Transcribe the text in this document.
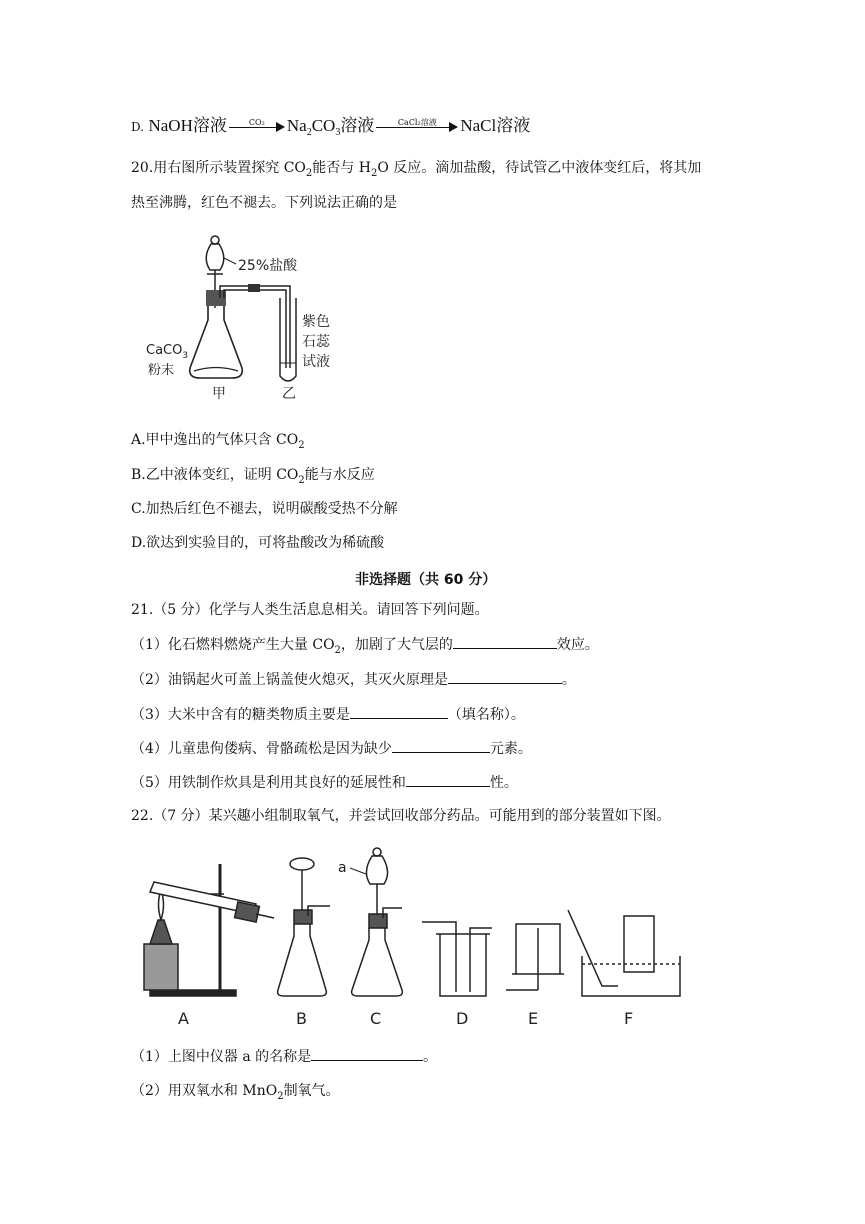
D. NaOH溶液	CO₂	$Na_2CO_3$溶液	CaCl₂溶液	NaCl溶液
20.用右图所示装置探究 $CO_2$能否与 $H_2O$ 反应。滴加盐酸，待试管乙中液体变红后，将其加
热至沸腾，红色不褪去。下列说法正确的是
25%盐酸
CaCO$_3$
粉末
紫色
石蕊
试液
甲	乙
A.甲中逸出的气体只含 $CO_2$
B.乙中液体变红，证明 $CO_2$能与水反应
C.加热后红色不褪去，说明碳酸受热不分解
D.欲达到实验目的，可将盐酸改为稀硫酸
非选择题（共 60 分）
21.（5 分）化学与人类生活息息相关。请回答下列问题。
（1）化石燃料燃烧产生大量 $CO_2$，加剧了大气层的	效应。
（2）油锅起火可盖上锅盖使火熄灭，其灭火原理是	。
（3）大米中含有的糖类物质主要是	（填名称）。
（4）儿童患佝偻病、骨骼疏松是因为缺少	元素。
（5）用铁制作炊具是利用其良好的延展性和	性。
22.（7 分）某兴趣小组制取氧气，并尝试回收部分药品。可能用到的部分装置如下图。
a
A	B	C	D	E	F
（1）上图中仪器 a 的名称是	。
（2）用双氧水和 MnO$_2$制氧气。
